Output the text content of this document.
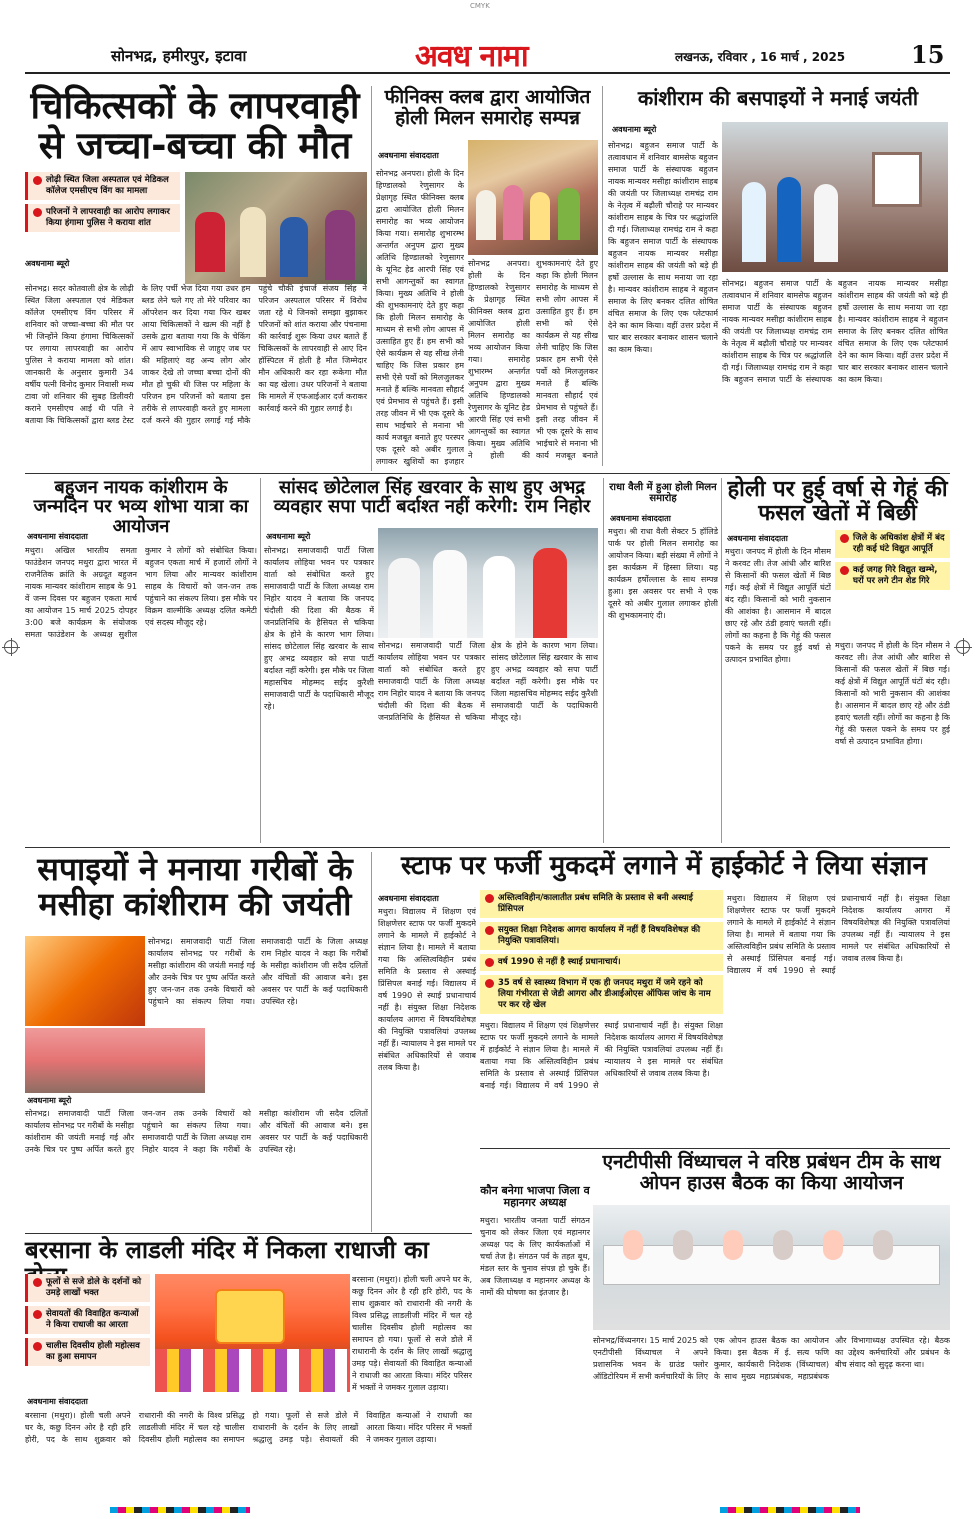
CMYK
सोनभद्र, हमीरपुर, इटावा	अवध नामा	लखनऊ, रविवार , 16 मार्च , 2025	15
चिकित्सकों के लापरवाही से जच्चा-बच्चा की मौत
लोढ़ी स्थित जिला अस्पताल एवं मेडिकल कॉलेज एमसीएच विंग का मामला
परिजनों ने लापरवाही का आरोप लगाकर किया हंगामा पुलिस ने कराया शांत
अवधनामा ब्यूरो
सोनभद्र। सदर कोतवाली क्षेत्र के लोढ़ी स्थित जिला अस्पताल एवं मेडिकल कॉलेज एमसीएच विंग परिसर में शनिवार को जच्चा-बच्चा की मौत पर भी जिन्होंने किया हंगामा चिकित्सकों पर लगाया लापरवाही का आरोप पुलिस ने कराया मामला को शांत। जानकारी के अनुसार कुमारी 34 वर्षीय पत्नी विनोद कुमार निवासी मध्य टावा जो शनिवार की सुबह डिलीवरी कराने एमसीएच आई थी पति ने बताया कि चिकित्सकों द्वारा ब्लड टेस्ट के लिए पर्ची भेज दिया गया उधर हम ब्लड लेने चले गए तो मेरे परिवार का ऑपरेशन कर दिया गया फिर खबर आया चिकित्सकों ने खत्म की नहीं है उसके द्वारा बताया गया कि के चेकिंग में आप स्वाभाविक से जाहुए जब पर की महिलाएं वह अन्य लोग ओर जाकर देखे तो जच्चा बच्चा दोनों की मौत हो चुकी थी जिस पर महिला के परिजन हम परिजनों को बताया इस तरीके से लापरवाही करते हुए मामला दर्ज करने की गुहार लगाई गई मौके पहुंचे चौकी इंचार्ज संजय सिंह ने परिजन अस्पताल परिसर में विरोध जता रहे थे जिनको समझा बुझाकर परिजनों को शांत कराया और पंचनामा की कार्रवाई शुरू किया उधर बताते हैं चिकित्सकों के लापरवाही से आए दिन हॉस्पिटल में होती है मौत जिम्मेदार मौन अधिकारी कर रहा रूकेगा मौत का यह खेला। उधर परिजनों ने बताया कि मामले में एफआईआर दर्ज कराकर कार्रवाई करने की गुहार लगाई है।
फीनिक्स क्लब द्वारा आयोजित होली मिलन समारोह सम्पन्न
अवधनामा संवाददाता
सोनभद्र अनपरा। होली के दिन हिण्डालको रेणुसागर के प्रेक्षागृह स्थित फीनिक्स क्लब द्वारा आयोजित होली मिलन समारोह का भव्य आयोजन किया गया। समारोह शुभारम्भ अन्तर्गत अनुपम द्वारा मुख्य अतिथि हिण्डालको रेणुसागर के यूनिट हेड आरपी सिंह एवं सभी आगन्तुकों का स्वागत किया। मुख्य अतिथि ने होली की शुभकामनाएं देते हुए कहा कि होली मिलन समारोह के माध्यम से सभी लोग आपस में उत्साहित हुए हैं। हम सभी को ऐसे कार्यक्रम से यह सीख लेनी चाहिए कि जिस प्रकार हम सभी ऐसे पर्वो को मिलजुलकर मनाते हैं बल्कि मानवता सौहार्द एवं प्रेमभाव से पहुंचते हैं। इसी तरह जीवन में भी एक दूसरे के साथ भाईचारे से मनाना भी कार्य मजबूत बनाते हुए परस्पर एक दूसरे को अबीर गुलाल लगाकर खुशियों का इजहार
सोनभद्र अनपरा। होली के दिन हिण्डालको रेणुसागर के प्रेक्षागृह स्थित फीनिक्स क्लब द्वारा आयोजित होली मिलन समारोह का भव्य आयोजन किया गया। समारोह शुभारम्भ अन्तर्गत अनुपम द्वारा मुख्य अतिथि हिण्डालको रेणुसागर के यूनिट हेड आरपी सिंह एवं सभी आगन्तुकों का स्वागत किया। मुख्य अतिथि ने होली की शुभकामनाएं देते हुए कहा कि होली मिलन समारोह के माध्यम से सभी लोग आपस में उत्साहित हुए हैं। हम सभी को ऐसे कार्यक्रम से यह सीख लेनी चाहिए कि जिस प्रकार हम सभी ऐसे पर्वो को मिलजुलकर मनाते हैं बल्कि मानवता सौहार्द एवं प्रेमभाव से पहुंचते हैं। इसी तरह जीवन में भी एक दूसरे के साथ भाईचारे से मनाना भी कार्य मजबूत बनाते
कांशीराम की बसपाइयों ने मनाई जयंती
अवधनामा ब्यूरो
सोनभद्र। बहुजन समाज पार्टी के तत्वावधान में शनिवार बामसेफ बहुजन समाज पार्टी के संस्थापक बहुजन नायक मान्यवर मसीहा कांशीराम साहब की जयंती पर जिलाध्यक्ष रामचंद्र राम के नेतृत्व में बढ़ौली चौराहे पर मान्यवर कांशीराम साहब के चित्र पर श्रद्धांजलि दी गई। जिलाध्यक्ष रामचंद्र राम ने कहा कि बहुजन समाज पार्टी के संस्थापक बहुजन नायक मान्यवर मसीहा कांशीराम साहब की जयंती को बड़े ही हर्षो उल्लास के साथ मनाया जा रहा है। मान्यवर कांशीराम साहब ने बहुजन समाज के लिए बनकर दलित शोषित वंचित समाज के लिए एक प्लेटफार्म देने का काम किया। वहीं उत्तर प्रदेश में चार बार सरकार बनाकर शासन चलाने का काम किया।
सोनभद्र। बहुजन समाज पार्टी के तत्वावधान में शनिवार बामसेफ बहुजन समाज पार्टी के संस्थापक बहुजन नायक मान्यवर मसीहा कांशीराम साहब की जयंती पर जिलाध्यक्ष रामचंद्र राम के नेतृत्व में बढ़ौली चौराहे पर मान्यवर कांशीराम साहब के चित्र पर श्रद्धांजलि दी गई। जिलाध्यक्ष रामचंद्र राम ने कहा कि बहुजन समाज पार्टी के संस्थापक बहुजन नायक मान्यवर मसीहा कांशीराम साहब की जयंती को बड़े ही हर्षो उल्लास के साथ मनाया जा रहा है। मान्यवर कांशीराम साहब ने बहुजन समाज के लिए बनकर दलित शोषित वंचित समाज के लिए एक प्लेटफार्म देने का काम किया। वहीं उत्तर प्रदेश में चार बार सरकार बनाकर शासन चलाने का काम किया।
बहुजन नायक कांशीराम के जन्मदिन पर भव्य शोभा यात्रा का आयोजन
अवधनामा संवाददाता
मथुरा। अखिल भारतीय समता फाउंडेशन जनपद मथुरा द्वारा भारत में राजनैतिक क्रांति के अग्रदूत बहुजन नायक मान्यवर कांशीराम साहब के 91 वें जन्म दिवस पर बहुजन एकता मार्च का आयोजन 15 मार्च 2025 दोपहर 3:00 बजे कार्यक्रम के संयोजक समता फाउंडेशन के अध्यक्ष सुशील कुमार ने लोगों को संबोधित किया। बहुजन एकता मार्च में हजारों लोगों ने भाग लिया और मान्यवर कांशीराम साहब के विचारों को जन-जन तक पहुंचाने का संकल्प लिया। इस मौके पर विक्रम वाल्मीकि अध्यक्ष दलित कमेटी एवं सदस्य मौजूद रहे।
सांसद छोटेलाल सिंह खरवार के साथ हुए अभद्र व्यवहार सपा पार्टी बर्दाश्त नहीं करेगी: राम निहोर
अवधनामा ब्यूरो
सोनभद्र। समाजवादी पार्टी जिला कार्यालय लोहिया भवन पर पत्रकार वार्ता को संबोधित करते हुए समाजवादी पार्टी के जिला अध्यक्ष राम निहोर यादव ने बताया कि जनपद चंदौली की दिशा की बैठक में जनप्रतिनिधि के हैसियत से चकिया क्षेत्र के होने के कारण भाग लिया। सांसद छोटेलाल सिंह खरवार के साथ हुए अभद्र व्यवहार को सपा पार्टी बर्दाश्त नहीं करेगी। इस मौके पर जिला महासचिव मोहम्मद सईद कुरैशी समाजवादी पार्टी के पदाधिकारी मौजूद रहे।
सोनभद्र। समाजवादी पार्टी जिला कार्यालय लोहिया भवन पर पत्रकार वार्ता को संबोधित करते हुए समाजवादी पार्टी के जिला अध्यक्ष राम निहोर यादव ने बताया कि जनपद चंदौली की दिशा की बैठक में जनप्रतिनिधि के हैसियत से चकिया क्षेत्र के होने के कारण भाग लिया। सांसद छोटेलाल सिंह खरवार के साथ हुए अभद्र व्यवहार को सपा पार्टी बर्दाश्त नहीं करेगी। इस मौके पर जिला महासचिव मोहम्मद सईद कुरैशी समाजवादी पार्टी के पदाधिकारी मौजूद रहे।
राधा वैली में हुआ होली मिलन समारोह
अवधनामा संवाददाता
मथुरा। श्री राधा वैली सेक्टर 5 हॉलिडे पार्क पर होली मिलन समारोह का आयोजन किया। बड़ी संख्या में लोगों ने इस कार्यक्रम में हिस्सा लिया। यह कार्यक्रम हर्षोल्लास के साथ सम्पन्न हुआ। इस अवसर पर सभी ने एक दूसरे को अबीर गुलाल लगाकर होली की शुभकामनाएं दी।
होली पर हुई वर्षा से गेहूं की फसल खेतों में बिछी
अवधनामा संवाददाता	जिले के अधिकांश क्षेत्रों में बंद रही कई घंटे विद्युत आपूर्ति
कई जगह गिरे विद्युत खम्भे, घरों पर लगे टीन शेड गिरे
मथुरा। जनपद में होली के दिन मौसम ने करवट ली। तेज आंधी और बारिश से किसानों की फसल खेतों में बिछ गई। कई क्षेत्रों में विद्युत आपूर्ति घंटों बंद रही। किसानों को भारी नुकसान की आशंका है। आसमान में बादल छाए रहे और ठंडी हवाएं चलती रहीं। लोगों का कहना है कि गेहूं की फसल पकने के समय पर हुई वर्षा से उत्पादन प्रभावित होगा।
मथुरा। जनपद में होली के दिन मौसम ने करवट ली। तेज आंधी और बारिश से किसानों की फसल खेतों में बिछ गई। कई क्षेत्रों में विद्युत आपूर्ति घंटों बंद रही। किसानों को भारी नुकसान की आशंका है। आसमान में बादल छाए रहे और ठंडी हवाएं चलती रहीं। लोगों का कहना है कि गेहूं की फसल पकने के समय पर हुई वर्षा से उत्पादन प्रभावित होगा।
सपाइयों ने मनाया गरीबों के मसीहा कांशीराम की जयंती
सोनभद्र। समाजवादी पार्टी जिला कार्यालय सोनभद्र पर गरीबों के मसीहा कांशीराम की जयंती मनाई गई और उनके चित्र पर पुष्प अर्पित करते हुए जन-जन तक उनके विचारों को पहुंचाने का संकल्प लिया गया। समाजवादी पार्टी के जिला अध्यक्ष राम निहोर यादव ने कहा कि गरीबों के मसीहा कांशीराम जी सदैव दलितों और वंचितों की आवाज बने। इस अवसर पर पार्टी के कई पदाधिकारी उपस्थित रहे।
अवधनामा ब्यूरो
सोनभद्र। समाजवादी पार्टी जिला कार्यालय सोनभद्र पर गरीबों के मसीहा कांशीराम की जयंती मनाई गई और उनके चित्र पर पुष्प अर्पित करते हुए जन-जन तक उनके विचारों को पहुंचाने का संकल्प लिया गया। समाजवादी पार्टी के जिला अध्यक्ष राम निहोर यादव ने कहा कि गरीबों के मसीहा कांशीराम जी सदैव दलितों और वंचितों की आवाज बने। इस अवसर पर पार्टी के कई पदाधिकारी उपस्थित रहे।
स्टाफ पर फर्जी मुकदमें लगाने में हाईकोर्ट ने लिया संज्ञान
अवधनामा संवाददाता
मथुरा। विद्यालय में शिक्षण एवं शिक्षणेत्तर स्टाफ पर फर्जी मुकदमे लगाने के मामले में हाईकोर्ट ने संज्ञान लिया है। मामले में बताया गया कि अस्तित्वविहीन प्रबंध समिति के प्रस्ताव से अस्थाई प्रिंसिपल बनाई गई। विद्यालय में वर्ष 1990 से स्थाई प्रधानाचार्य नहीं है। संयुक्त शिक्षा निदेशक कार्यालय आगरा में विषयविशेषज्ञ की नियुक्ति पत्रावलियां उपलब्ध नहीं हैं। न्यायालय ने इस मामले पर संबंधित अधिकारियों से जवाब तलब किया है।
अस्तित्वविहीन/कालातीत प्रबंध समिति के प्रस्ताव से बनी अस्थाई प्रिंसिपल
सयुक्त शिक्षा निदेशक आगरा कार्यालय में नहीं हैं विषयविशेषज्ञ की नियुक्ति पत्रावलियां।
वर्ष 1990 से नहीं है स्थाई प्रधानाचार्य।
35 वर्ष से स्वास्थ्य विभाग में एक ही जनपद मथुरा में जमे रहने को लिया गंभीरता से जेडी आगरा और डीआईओएस ऑफिस जांच के नाम पर कर रहे खेल
मथुरा। विद्यालय में शिक्षण एवं शिक्षणेत्तर स्टाफ पर फर्जी मुकदमे लगाने के मामले में हाईकोर्ट ने संज्ञान लिया है। मामले में बताया गया कि अस्तित्वविहीन प्रबंध समिति के प्रस्ताव से अस्थाई प्रिंसिपल बनाई गई। विद्यालय में वर्ष 1990 से स्थाई प्रधानाचार्य नहीं है। संयुक्त शिक्षा निदेशक कार्यालय आगरा में विषयविशेषज्ञ की नियुक्ति पत्रावलियां उपलब्ध नहीं हैं। न्यायालय ने इस मामले पर संबंधित अधिकारियों से जवाब तलब किया है।
मथुरा। विद्यालय में शिक्षण एवं शिक्षणेत्तर स्टाफ पर फर्जी मुकदमे लगाने के मामले में हाईकोर्ट ने संज्ञान लिया है। मामले में बताया गया कि अस्तित्वविहीन प्रबंध समिति के प्रस्ताव से अस्थाई प्रिंसिपल बनाई गई। विद्यालय में वर्ष 1990 से स्थाई प्रधानाचार्य नहीं है। संयुक्त शिक्षा निदेशक कार्यालय आगरा में विषयविशेषज्ञ की नियुक्ति पत्रावलियां उपलब्ध नहीं हैं। न्यायालय ने इस मामले पर संबंधित अधिकारियों से जवाब तलब किया है।
एनटीपीसी विंध्याचल ने वरिष्ठ प्रबंधन टीम के साथ ओपन हाउस बैठक का किया आयोजन
सोनभद्र/विंध्यनगर। 15 मार्च 2025 को एनटीपीसी विंध्याचल ने अपने प्रशासनिक भवन के ग्राउंड फ्लोर ऑडिटोरियम में सभी कर्मचारियों के लिए एक ओपन हाउस बैठक का आयोजन किया। इस बैठक में ई. सत्य फणि कुमार, कार्यकारी निदेशक (विंध्याचल) के साथ मुख्य महाप्रबंधक, महाप्रबंधक और विभागाध्यक्ष उपस्थित रहे। बैठक का उद्देश्य कर्मचारियों और प्रबंधन के बीच संवाद को सुदृढ़ करना था।
कौन बनेगा भाजपा जिला व महानगर अध्यक्ष
मथुरा। भारतीय जनता पार्टी संगठन चुनाव को लेकर जिला एवं महानगर अध्यक्ष पद के लिए कार्यकर्ताओं में चर्चा तेज है। संगठन पर्व के तहत बूथ, मंडल स्तर के चुनाव संपन्न हो चुके हैं। अब जिलाध्यक्ष व महानगर अध्यक्ष के नामों की घोषणा का इंतजार है।
बरसाना के लाडली मंदिर में निकला राधाजी का
फूलों से सजे डोले के दर्शनों को उमड़े लाखों भक्त
सेवायतों की विवाहित कन्याओं ने किया राधाजी का आरता
चालीस दिवसीय होली महोत्सव का हुआ समापन
बरसाना (मथुरा)। होली चली अपने घर के, कछु दिनन ओर है रही हरि होरी, पद के साथ शुक्रवार को राधारानी की नगरी के विश्व प्रसिद्ध लाडलीजी मंदिर में चल रहे चालीस दिवसीय होली महोत्सव का समापन हो गया। फूलों से सजे डोले में राधारानी के दर्शन के लिए लाखों श्रद्धालु उमड़ पड़े। सेवायतों की विवाहित कन्याओं ने राधाजी का आरता किया। मंदिर परिसर में भक्तों ने जमकर गुलाल उड़ाया।
अवधनामा संवाददाता
बरसाना (मथुरा)। होली चली अपने घर के, कछु दिनन ओर है रही हरि होरी, पद के साथ शुक्रवार को राधारानी की नगरी के विश्व प्रसिद्ध लाडलीजी मंदिर में चल रहे चालीस दिवसीय होली महोत्सव का समापन हो गया। फूलों से सजे डोले में राधारानी के दर्शन के लिए लाखों श्रद्धालु उमड़ पड़े। सेवायतों की विवाहित कन्याओं ने राधाजी का आरता किया। मंदिर परिसर में भक्तों ने जमकर गुलाल उड़ाया।
